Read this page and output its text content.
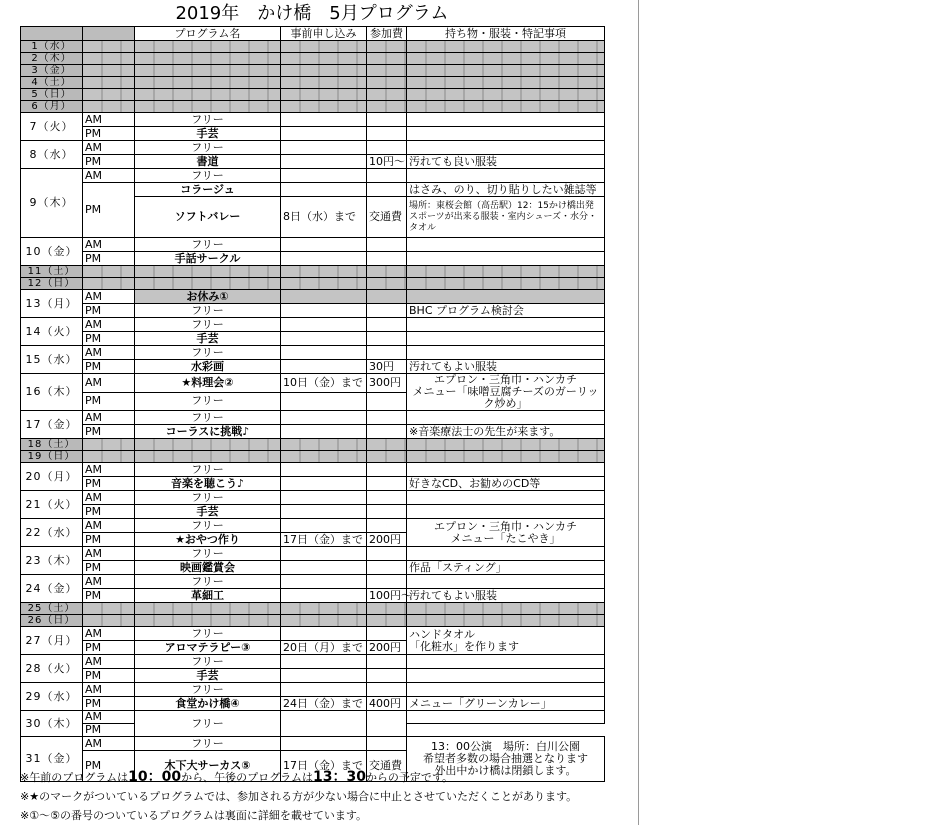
2019年　かけ橋　5月プログラム
		プログラム名	事前申し込み	参加費	持ち物・服装・特記事項
1（水）					
2（木）					
3（金）					
4（土）					
5（日）					
6（月）					
7（火）	AM	フリー			
	PM	手芸			
8（水）	AM	フリー			
	PM	書道		10円～	汚れても良い服装
9（木）	AM	フリー			
	PM	コラージュ			はさみ、のり、切り貼りしたい雑誌等
		ソフトバレー	8日（水）まで	交通費	場所：東桜会館（高岳駅）12：15かけ橋出発 スポーツが出来る服装・室内シューズ・水分・タオル
10（金）	AM	フリー			
	PM	手話サークル			
11（土）					
12（日）					
13（月）	AM	お休み①			
	PM	フリー			BHC プログラム検討会
14（火）	AM	フリー			
	PM	手芸			
15（水）	AM	フリー			
	PM	水彩画		30円	汚れてもよい服装
16（木）	AM	★料理会②	10日（金）まで	300円	エプロン・三角巾・ハンカチ
メニュー「味噌豆腐チーズのガーリック炒め」

	PM	フリー			
17（金）	AM	フリー			
	PM	コーラスに挑戦♪			※音楽療法士の先生が来ます。
18（土）					
19（日）					
20（月）	AM	フリー			
	PM	音楽を聴こう♪			好きなCD、お勧めのCD等
21（火）	AM	フリー			
	PM	手芸			
22（水）	AM	フリー			エプロン・三角巾・ハンカチ
メニュー「たこやき」

	PM	★おやつ作り	17日（金）まで	200円	
23（木）	AM	フリー			
	PM	映画鑑賞会			作品「スティング」
24（金）	AM	フリー			
	PM	革細工		100円～	汚れてもよい服装
25（土）					
26（日）					
27（月）	AM	フリー			ハンドタオル
「化粧水」を作ります

	PM	アロマテラピー③	20日（月）まで	200円	
28（火）	AM	フリー			
	PM	手芸			
29（水）	AM	フリー			
	PM	食堂かけ橋④	24日（金）まで	400円	メニュー「グリーンカレー」
30（木）	AM	フリー			
	PM				
31（金）	AM	フリー			13：00公演　場所：白川公園
希望者多数の場合抽選となります
外出中かけ橋は閉鎖します。

	PM	木下大サーカス⑤	17日（金）まで	交通費	
※午前のプログラムは10：00から、午後のプログラムは13：30からの予定です。
※★のマークがついているプログラムでは、参加される方が少ない場合に中止とさせていただくことがあります。
※①～⑤の番号のついているプログラムは裏面に詳細を載せています。
